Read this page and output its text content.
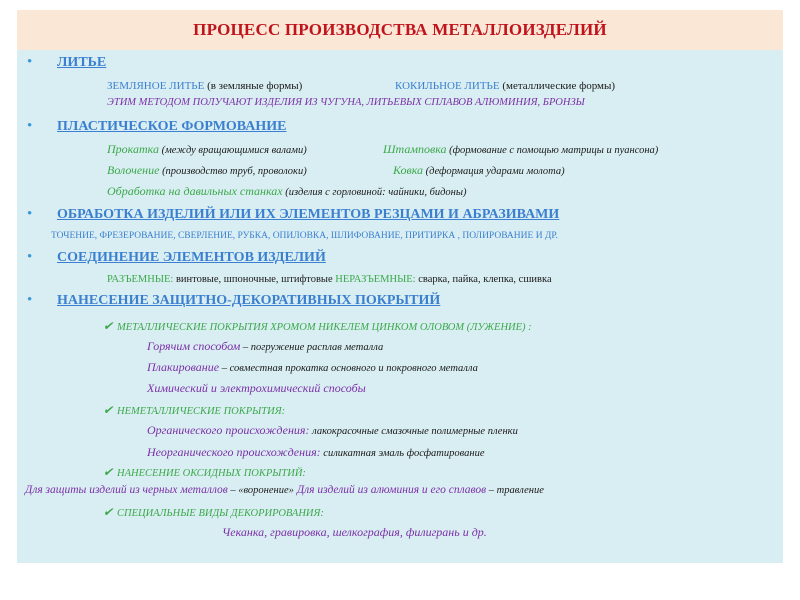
ПРОЦЕСС ПРОИЗВОДСТВА МЕТАЛЛОИЗДЕЛИЙ
• ЛИТЬЕ
ЗЕМЛЯНОЕ ЛИТЬЕ (в земляные формы)	КОКИЛЬНОЕ ЛИТЬЕ (металлические формы)
ЭТИМ МЕТОДОМ ПОЛУЧАЮТ ИЗДЕЛИЯ ИЗ ЧУГУНА, ЛИТЬЕВЫХ СПЛАВОВ АЛЮМИНИЯ, БРОНЗЫ
• ПЛАСТИЧЕСКОЕ ФОРМОВАНИЕ
Прокатка (между вращающимися валами)	Штамповка (формование с помощью матрицы и пуансона)
Волочение (производство труб, проволоки)	Ковка (деформация ударами молота)
Обработка на давильных станках (изделия с горловиной: чайники, бидоны)
• ОБРАБОТКА ИЗДЕЛИЙ ИЛИ ИХ ЭЛЕМЕНТОВ РЕЗЦАМИ И АБРАЗИВАМИ
ТОЧЕНИЕ, ФРЕЗЕРОВАНИЕ, СВЕРЛЕНИЕ, РУБКА, ОПИЛОВКА, ШЛИФОВАНИЕ, ПРИТИРКА , ПОЛИРОВАНИЕ И ДР.
• СОЕДИНЕНИЕ ЭЛЕМЕНТОВ ИЗДЕЛИЙ
РАЗЪЕМНЫЕ: винтовые, шпоночные, штифтовые НЕРАЗЪЕМНЫЕ: сварка, пайка, клепка, сшивка
• НАНЕСЕНИЕ ЗАЩИТНО-ДЕКОРАТИВНЫХ ПОКРЫТИЙ
✔ МЕТАЛЛИЧЕСКИЕ ПОКРЫТИЯ ХРОМОМ НИКЕЛЕМ ЦИНКОМ ОЛОВОМ (ЛУЖЕНИЕ) :
Горячим способом – погружение расплав металла
Плакирование – совместная прокатка основного и покровного металла
Химический и электрохимический способы
✔ НЕМЕТАЛЛИЧЕСКИЕ ПОКРЫТИЯ:
Органического происхождения: лакокрасочные смазочные полимерные пленки
Неорганического происхождения: силикатная эмаль фосфатирование
✔ НАНЕСЕНИЕ ОКСИДНЫХ ПОКРЫТИЙ:
Для защиты изделий из черных металлов – «воронение» Для изделий из алюминия и его сплавов – травление
✔ СПЕЦИАЛЬНЫЕ ВИДЫ ДЕКОРИРОВАНИЯ:
Чеканка, гравировка, шелкография, филигрань и др.
